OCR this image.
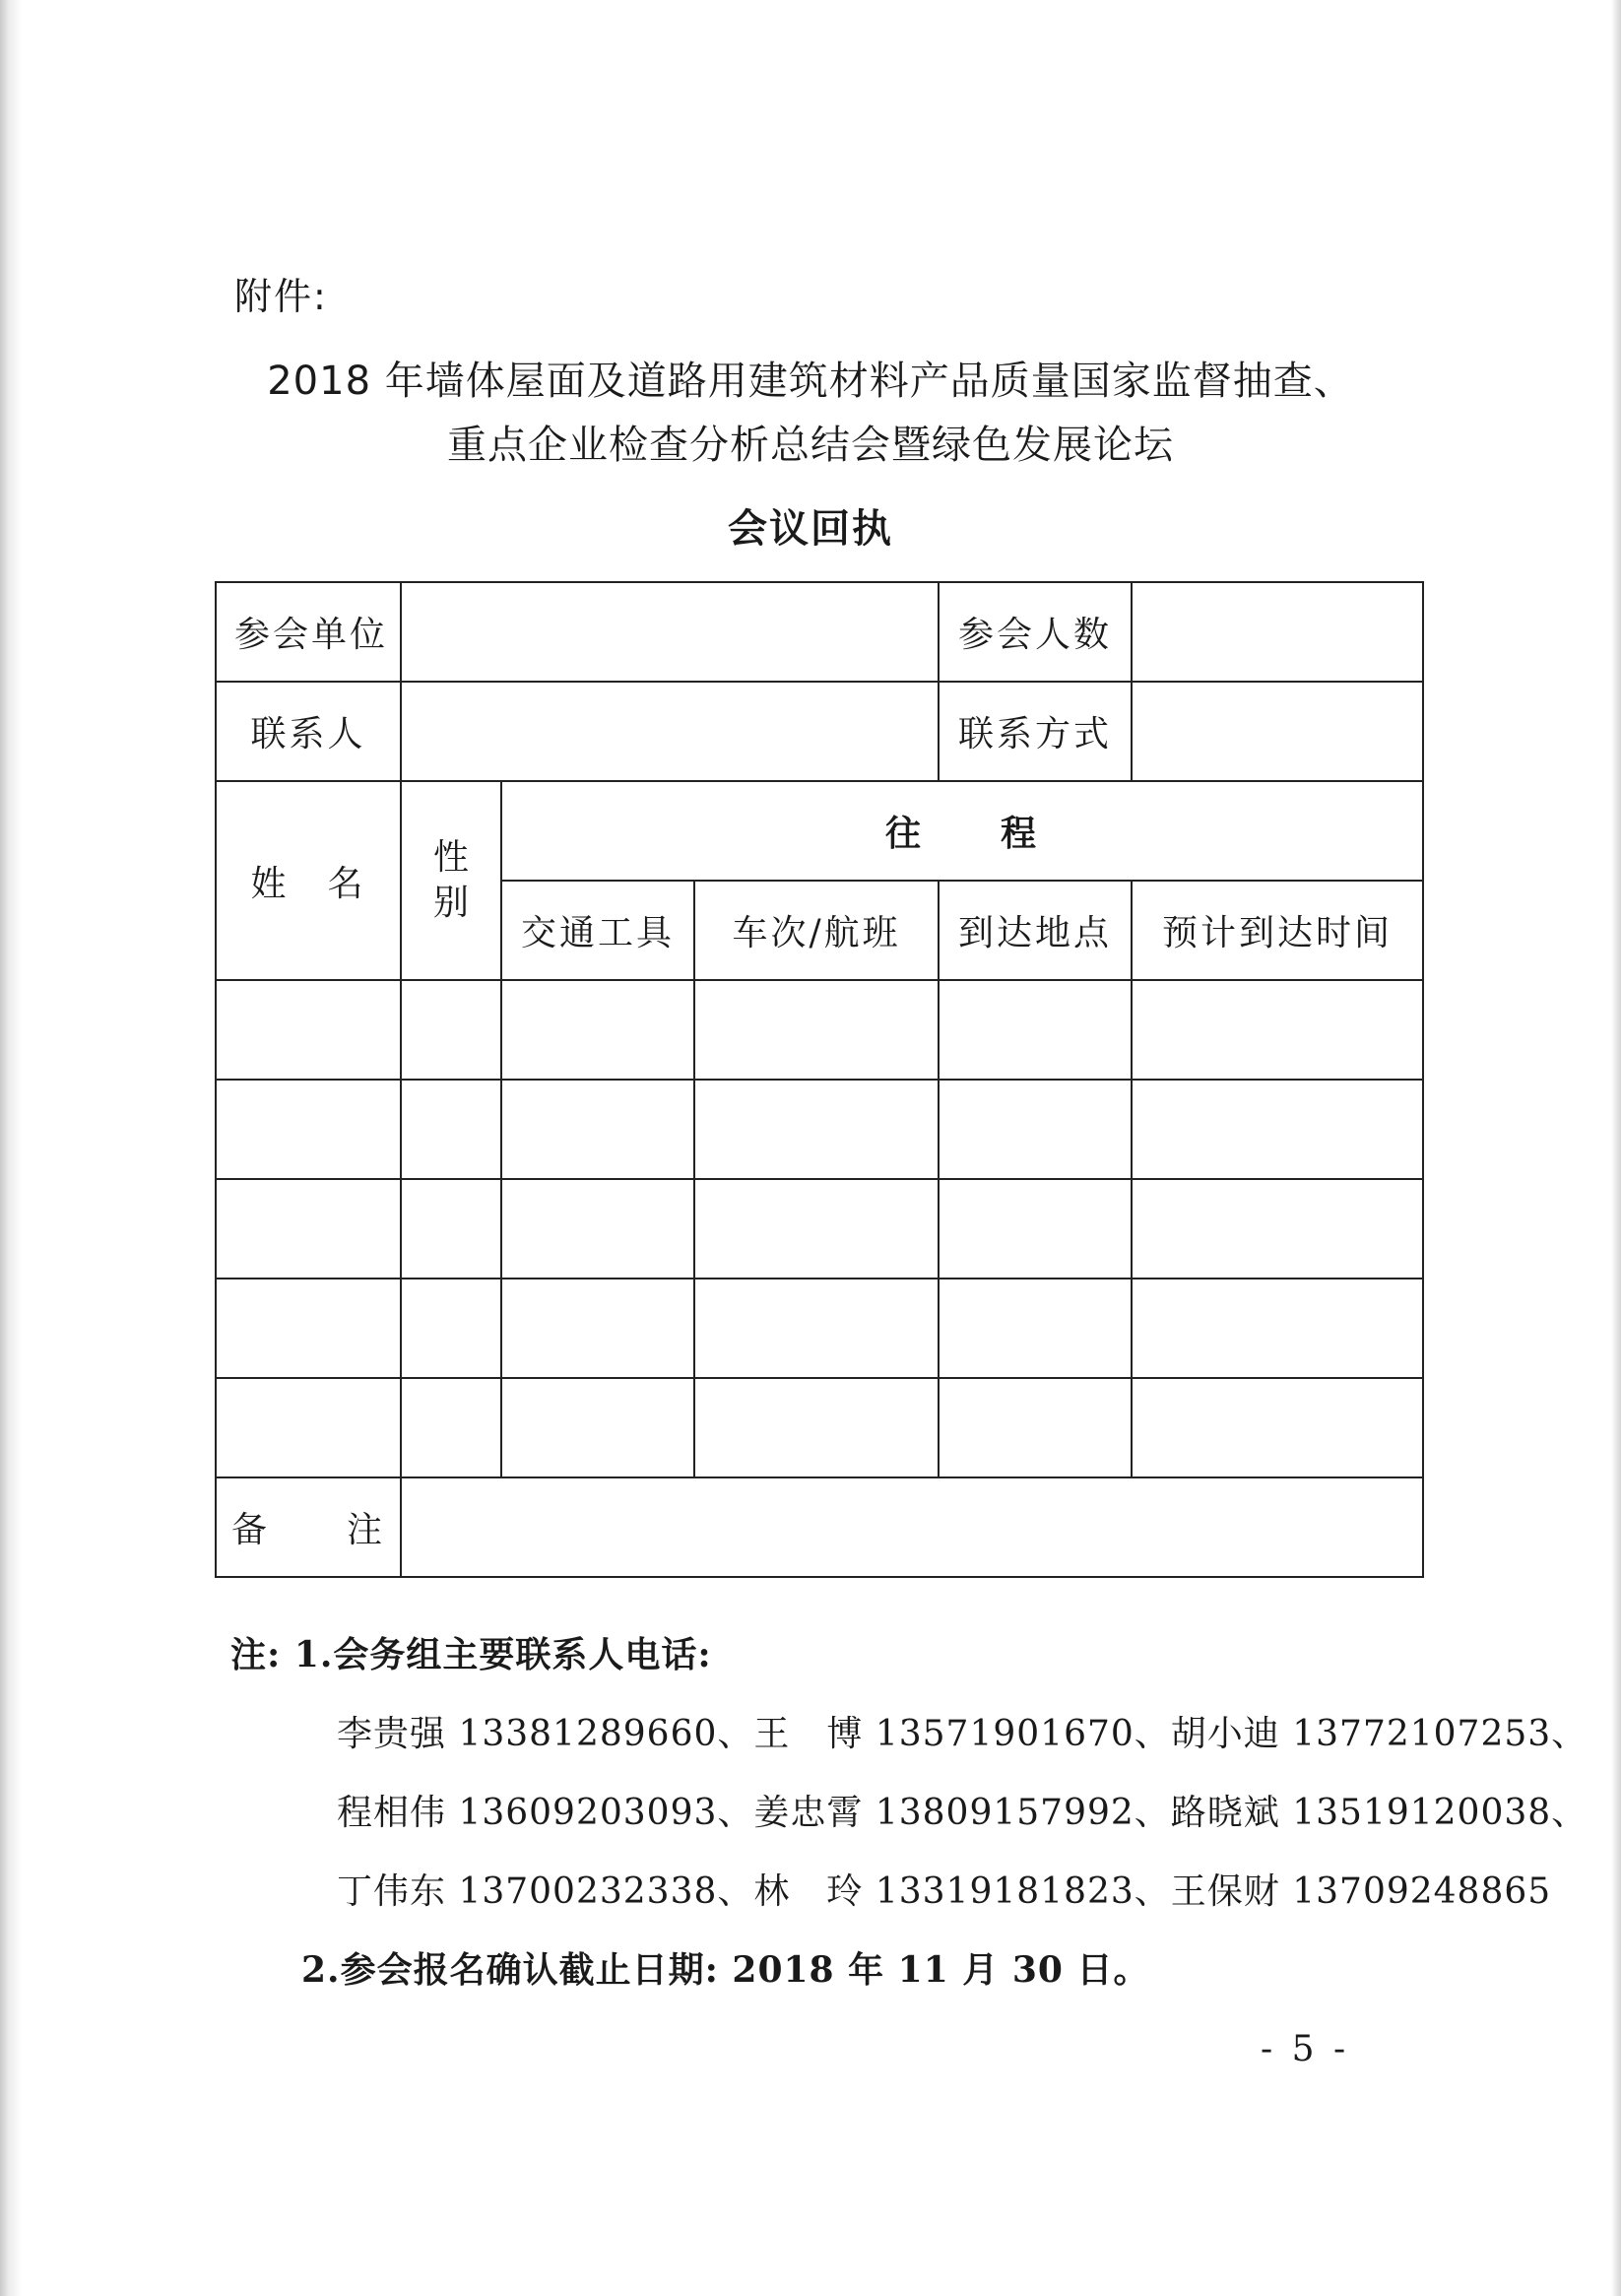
附件:
2018 年墙体屋面及道路用建筑材料产品质量国家监督抽查、
重点企业检查分析总结会暨绿色发展论坛
会议回执
参会单位				参会人数	
联系人				联系方式	
姓　名	性别	往　　程			
		交通工具	车次/航班	到达地点	预计到达时间

备　　注					
注: 1.会务组主要联系人电话:
李贵强 13381289660、王　博 13571901670、胡小迪 13772107253、
程相伟 13609203093、姜忠霄 13809157992、路晓斌 13519120038、
丁伟东 13700232338、林　玲 13319181823、王保财 13709248865
2.参会报名确认截止日期: 2018 年 11 月 30 日。
- 5 -
